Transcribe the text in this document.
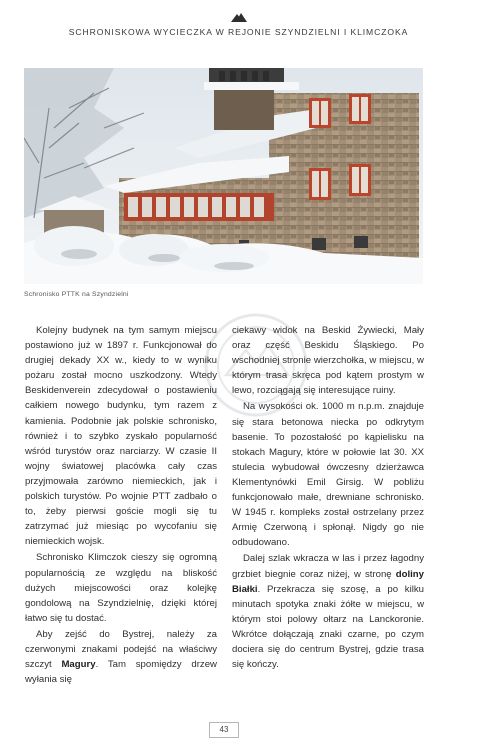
SCHRONISKOWA WYCIECZKA W REJONIE SZYNDZIELNI I KLIMCZOKA
Schronisko PTTK na Szyndzielni

Kolejny budynek na tym samym miejscu postawiono już w 1897 r. Funkcjonował do drugiej dekady XX w., kiedy to w wyniku pożaru został mocno uszkodzony. Wtedy Beskidenverein zdecydował o postawieniu całkiem nowego budynku, tym razem z kamienia. Podobnie jak polskie schronisko, również i to szybko zyskało popularność wśród turystów oraz narciarzy. W czasie II wojny światowej placówka cały czas przyjmowała zarówno niemieckich, jak i polskich turystów. Po wojnie PTT zadbało o to, żeby pierwsi goście mogli się tu zatrzymać już miesiąc po wycofaniu się niemieckich wojsk.

Schronisko Klimczok cieszy się ogromną popularnością ze względu na bliskość dużych miejscowości oraz kolejkę gondolową na Szyndzielnię, dzięki której łatwo się tu dostać.

Aby zejść do Bystrej, należy za czerwonymi znakami podejść na właściwy szczyt Magury. Tam spomiędzy drzew wyłania się

ciekawy widok na Beskid Żywiecki, Mały oraz część Beskidu Śląskiego. Po wschodniej stronie wierzchołka, w miejscu, w którym trasa skręca pod kątem prostym w lewo, rozciągają się interesujące ruiny.

Na wysokości ok. 1000 m n.p.m. znajduje się stara betonowa niecka po odkrytym basenie. To pozostałość po kąpielisku na stokach Magury, które w połowie lat 30. XX stulecia wybudował ówczesny dzierżawca Klementynówki Emil Girsig. W pobliżu funkcjonowało małe, drewniane schronisko. W 1945 r. kompleks został ostrzelany przez Armię Czerwoną i spłonął. Nigdy go nie odbudowano.

Dalej szlak wkracza w las i przez łagodny grzbiet biegnie coraz niżej, w stronę doliny Białki. Przekracza się szosę, a po kilku minutach spotyka znaki żółte w miejscu, w którym stoi polowy ołtarz na Lanckoronie. Wkrótce dołączają znaki czarne, po czym dociera się do centrum Bystrej, gdzie trasa się kończy.

43
